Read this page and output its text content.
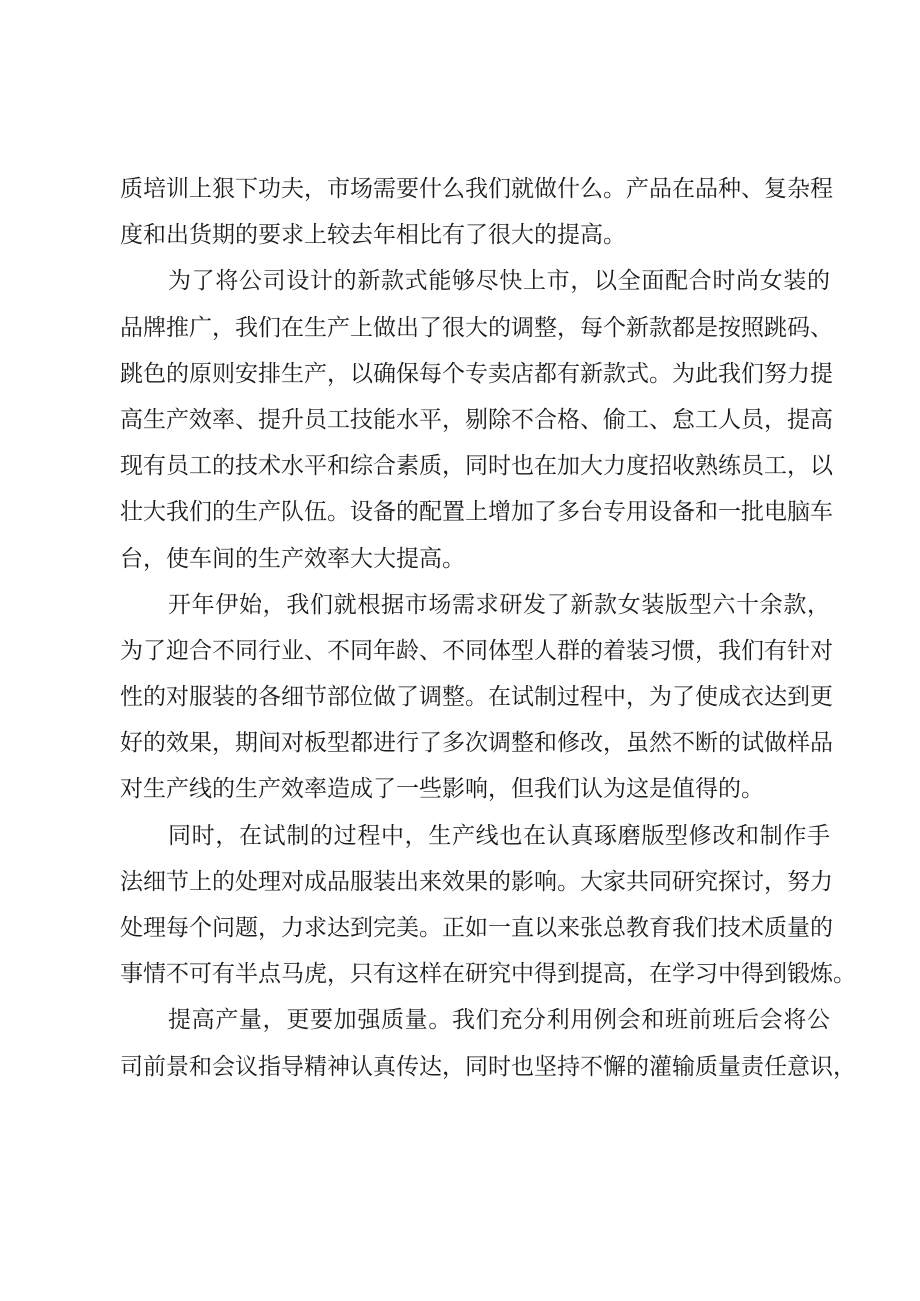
质培训上狠下功夫，市场需要什么我们就做什么。产品在品种、复杂程
度和出货期的要求上较去年相比有了很大的提高。
为了将公司设计的新款式能够尽快上市，以全面配合时尚女装的
品牌推广，我们在生产上做出了很大的调整，每个新款都是按照跳码、
跳色的原则安排生产，以确保每个专卖店都有新款式。为此我们努力提
高生产效率、提升员工技能水平，剔除不合格、偷工、怠工人员，提高
现有员工的技术水平和综合素质，同时也在加大力度招收熟练员工，以
壮大我们的生产队伍。设备的配置上增加了多台专用设备和一批电脑车
台，使车间的生产效率大大提高。
开年伊始，我们就根据市场需求研发了新款女装版型六十余款，
为了迎合不同行业、不同年龄、不同体型人群的着装习惯，我们有针对
性的对服装的各细节部位做了调整。在试制过程中，为了使成衣达到更
好的效果，期间对板型都进行了多次调整和修改，虽然不断的试做样品
对生产线的生产效率造成了一些影响，但我们认为这是值得的。
同时，在试制的过程中，生产线也在认真琢磨版型修改和制作手
法细节上的处理对成品服装出来效果的影响。大家共同研究探讨，努力
处理每个问题，力求达到完美。正如一直以来张总教育我们技术质量的
事情不可有半点马虎，只有这样在研究中得到提高，在学习中得到锻炼。
提高产量，更要加强质量。我们充分利用例会和班前班后会将公
司前景和会议指导精神认真传达，同时也坚持不懈的灌输质量责任意识，
